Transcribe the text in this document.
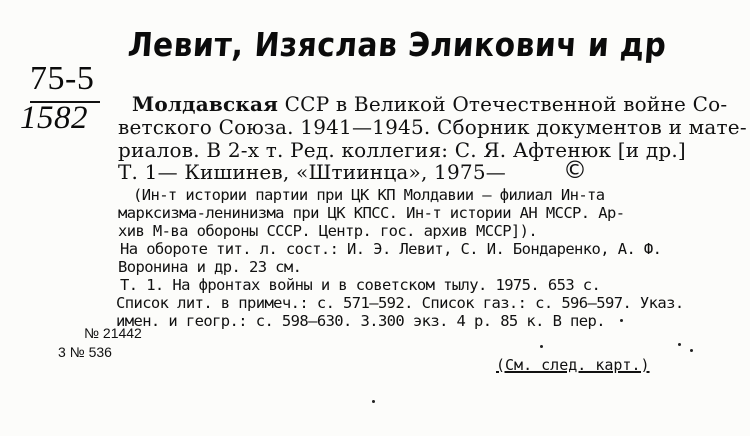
Левит, Изяслав Эликович и др
75-5
1582 Молдавская ССР в Великой Отечественной войне Со-
ветского Союза. 1941—1945. Сборник документов и мате-
риалов. В 2-х т. Ред. коллегия: С. Я. Афтенюк [и др.]
Т. 1— Кишинев, «Штиинца», 1975— ©
(Ин-т истории партии при ЦК КП Молдавии — филиал Ин-та
марксизма-ленинизма при ЦК КПСС. Ин-т истории АН МССР. Ар-
хив М-ва обороны СССР. Центр. гос. архив МССР]).
На обороте тит. л. сост.: И. Э. Левит, С. И. Бондаренко, А. Ф.
Воронина и др. 23 см.
Т. 1. На фронтах войны и в советском тылу. 1975. 653 с.
Список лит. в примеч.: с. 571—592. Список газ.: с. 596—597. Указ.
имен. и геогр.: с. 598—630. 3.300 экз. 4 р. 85 к. В пер.
№ 21442
3 № 536
(См. след. карт.)
